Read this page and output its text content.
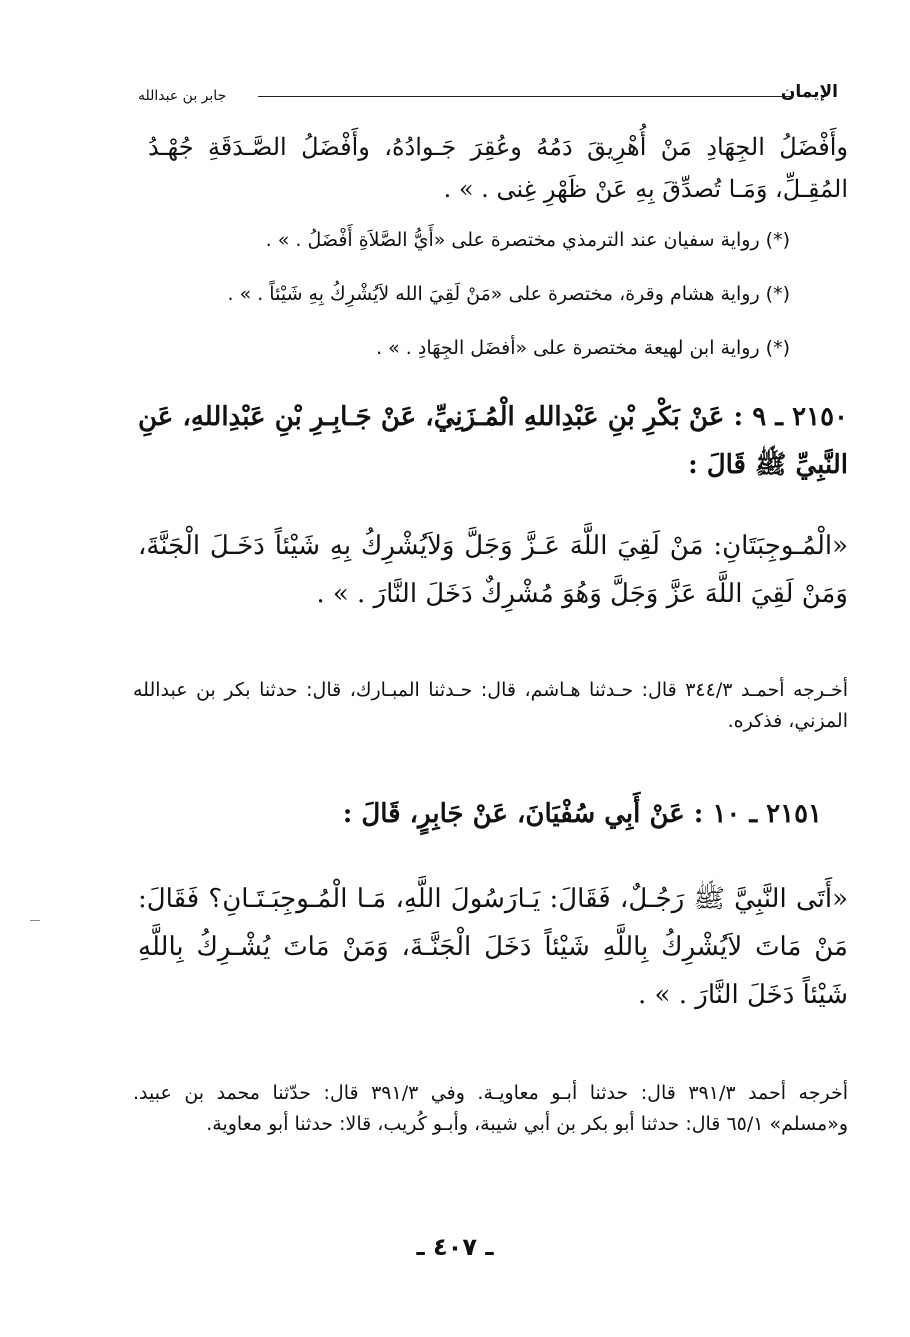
الإيمان
جابر بن عبدالله
وأَفْضَلُ الجِهَادِ مَنْ أُهْرِيقَ دَمُهُ وعُقِرَ جَـوادُهُ، وأَفْضَلُ الصَّـدَقَةِ جُهْـدُ المُقِـلِّ، وَمَـا تُصدِّقَ بِهِ عَنْ ظَهْرِ غِنى . » .
(*) رواية سفيان عند الترمذي مختصرة على «أَيُّ الصَّلاَةِ أَفْضَلُ . » .
(*) رواية هشام وقرة، مختصرة على «مَنْ لَقِيَ الله لاَيُشْرِكُ بِهِ شَيْئاً . » .
(*) رواية ابن لهيعة مختصرة على «أفضَل الجِهَادِ . » .
٢١٥٠ ـ ٩ : عَنْ بَكْرِ بْنِ عَبْدِاللهِ الْمُـزَنِيِّ، عَنْ جَـابِـرِ بْنِ عَبْدِاللهِ، عَنِ النَّبِيِّ ﷺ قَالَ :
«الْمُـوجِبَتَانِ: مَنْ لَقِيَ اللَّهَ عَـزَّ وَجَلَّ وَلاَيُشْرِكُ بِهِ شَيْئاً دَخَـلَ الْجَنَّةَ، وَمَنْ لَقِيَ اللَّهَ عَزَّ وَجَلَّ وَهُوَ مُشْرِكٌ دَخَلَ النَّارَ . » .
أخـرجه أحمـد ٣٤٤/٣ قال: حـدثنا هـاشم، قال: حـدثنا المبـارك، قال: حدثنا بكر بن عبدالله المزني، فذكره.
٢١٥١ ـ ١٠ : عَنْ أَبِي سُفْيَانَ، عَنْ جَابِرٍ، قَالَ :
«أَتَى النَّبِيَّ ﷺ رَجُـلٌ، فَقَالَ: يَـارَسُولَ اللَّهِ، مَـا الْمُـوجِبَـتَـانِ؟ فَقَالَ: مَنْ مَاتَ لاَيُشْرِكُ بِاللَّهِ شَيْئاً دَخَلَ الْجَنَّـةَ، وَمَنْ مَاتَ يُشْـرِكُ بِاللَّهِ شَيْئاً دَخَلَ النَّارَ . » .
أخرجه أحمد ٣٩١/٣ قال: حدثنا أبـو معاويـة. وفي ٣٩١/٣ قال: حدّثنا محمد بن عبيد. و«مسلم» ٦٥/١ قال: حدثنا أبو بكر بن أبي شيبة، وأبـو كُريب، قالا: حدثنا أبو معاوية.
ـ ٤٠٧ ـ
